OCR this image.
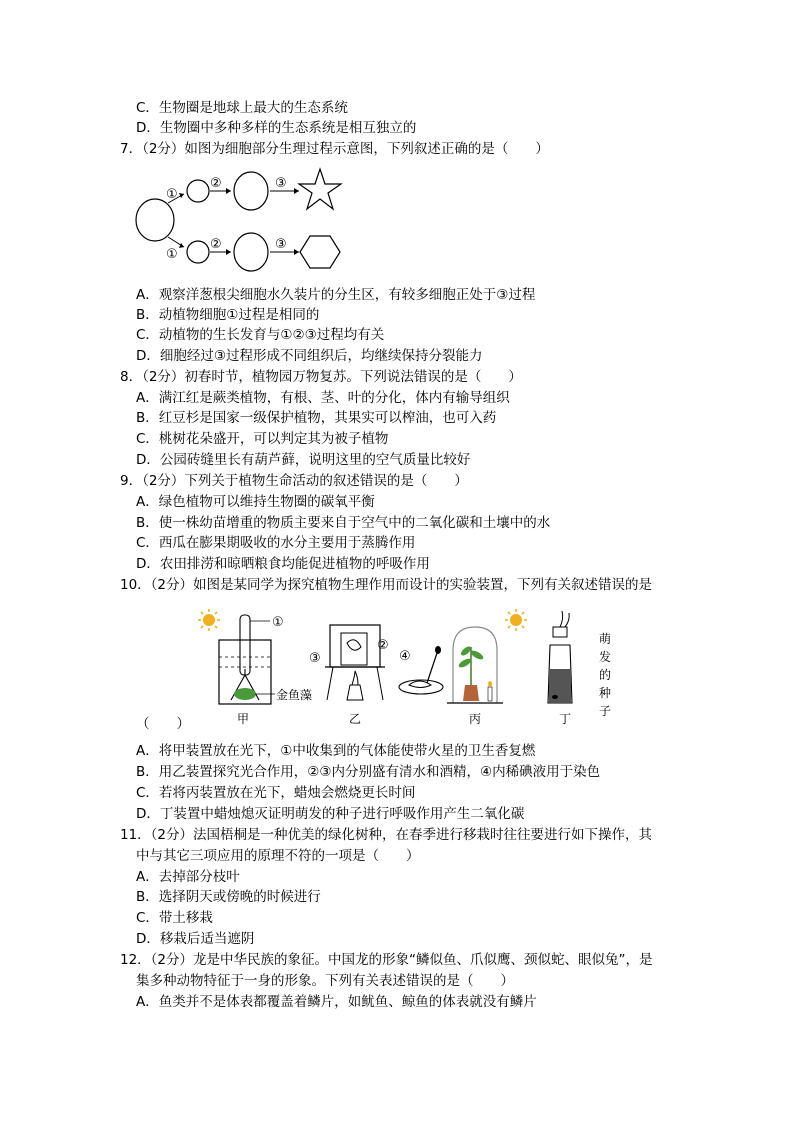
C．生物圈是地球上最大的生态系统
D．生物圈中多种多样的生态系统是相互独立的
7．（2分）如图为细胞部分生理过程示意图，下列叙述正确的是（　　）
①
②	③
①
②	③
A．观察洋葱根尖细胞水久装片的分生区，有较多细胞正处于③过程
B．动植物细胞①过程是相同的
C．动植物的生长发育与①②③过程均有关
D．细胞经过③过程形成不同组织后，均继续保持分裂能力
8．（2分）初春时节，植物园万物复苏。下列说法错误的是（　　）
A．满江红是蕨类植物，有根、茎、叶的分化，体内有输导组织
B．红豆杉是国家一级保护植物，其果实可以榨油，也可入药
C．桃树花朵盛开，可以判定其为被子植物
D．公园砖缝里长有葫芦藓，说明这里的空气质量比较好
9．（2分）下列关于植物生命活动的叙述错误的是（　　）
A．绿色植物可以维持生物圈的碳氧平衡
B．使一株幼苗增重的物质主要来自于空气中的二氧化碳和土壤中的水
C．西瓜在膨果期吸收的水分主要用于蒸腾作用
D．农田排涝和晾晒粮食均能促进植物的呼吸作用
10．（2分）如图是某同学为探究植物生理作用而设计的实验装置，下列有关叙述错误的是
①
金鱼藻
甲
②
③
乙
④
丙
萌
发
的
种
子
丁
（　　）
A．将甲装置放在光下，①中收集到的气体能使带火星的卫生香复燃
B．用乙装置探究光合作用，②③内分别盛有清水和酒精，④内稀碘液用于染色
C．若将丙装置放在光下，蜡烛会燃烧更长时间
D．丁装置中蜡烛熄灭证明萌发的种子进行呼吸作用产生二氧化碳
11．（2分）法国梧桐是一种优美的绿化树种，在春季进行移栽时往往要进行如下操作，其
中与其它三项应用的原理不符的一项是（　　）
A．去掉部分枝叶
B．选择阴天或傍晚的时候进行
C．带土移栽
D．移栽后适当遮阴
12．（2分）龙是中华民族的象征。中国龙的形象“鳞似鱼、爪似鹰、颈似蛇、眼似兔”，是
集多种动物特征于一身的形象。下列有关表述错误的是（　　）
A．鱼类并不是体表都覆盖着鳞片，如鱿鱼、鲸鱼的体表就没有鳞片
